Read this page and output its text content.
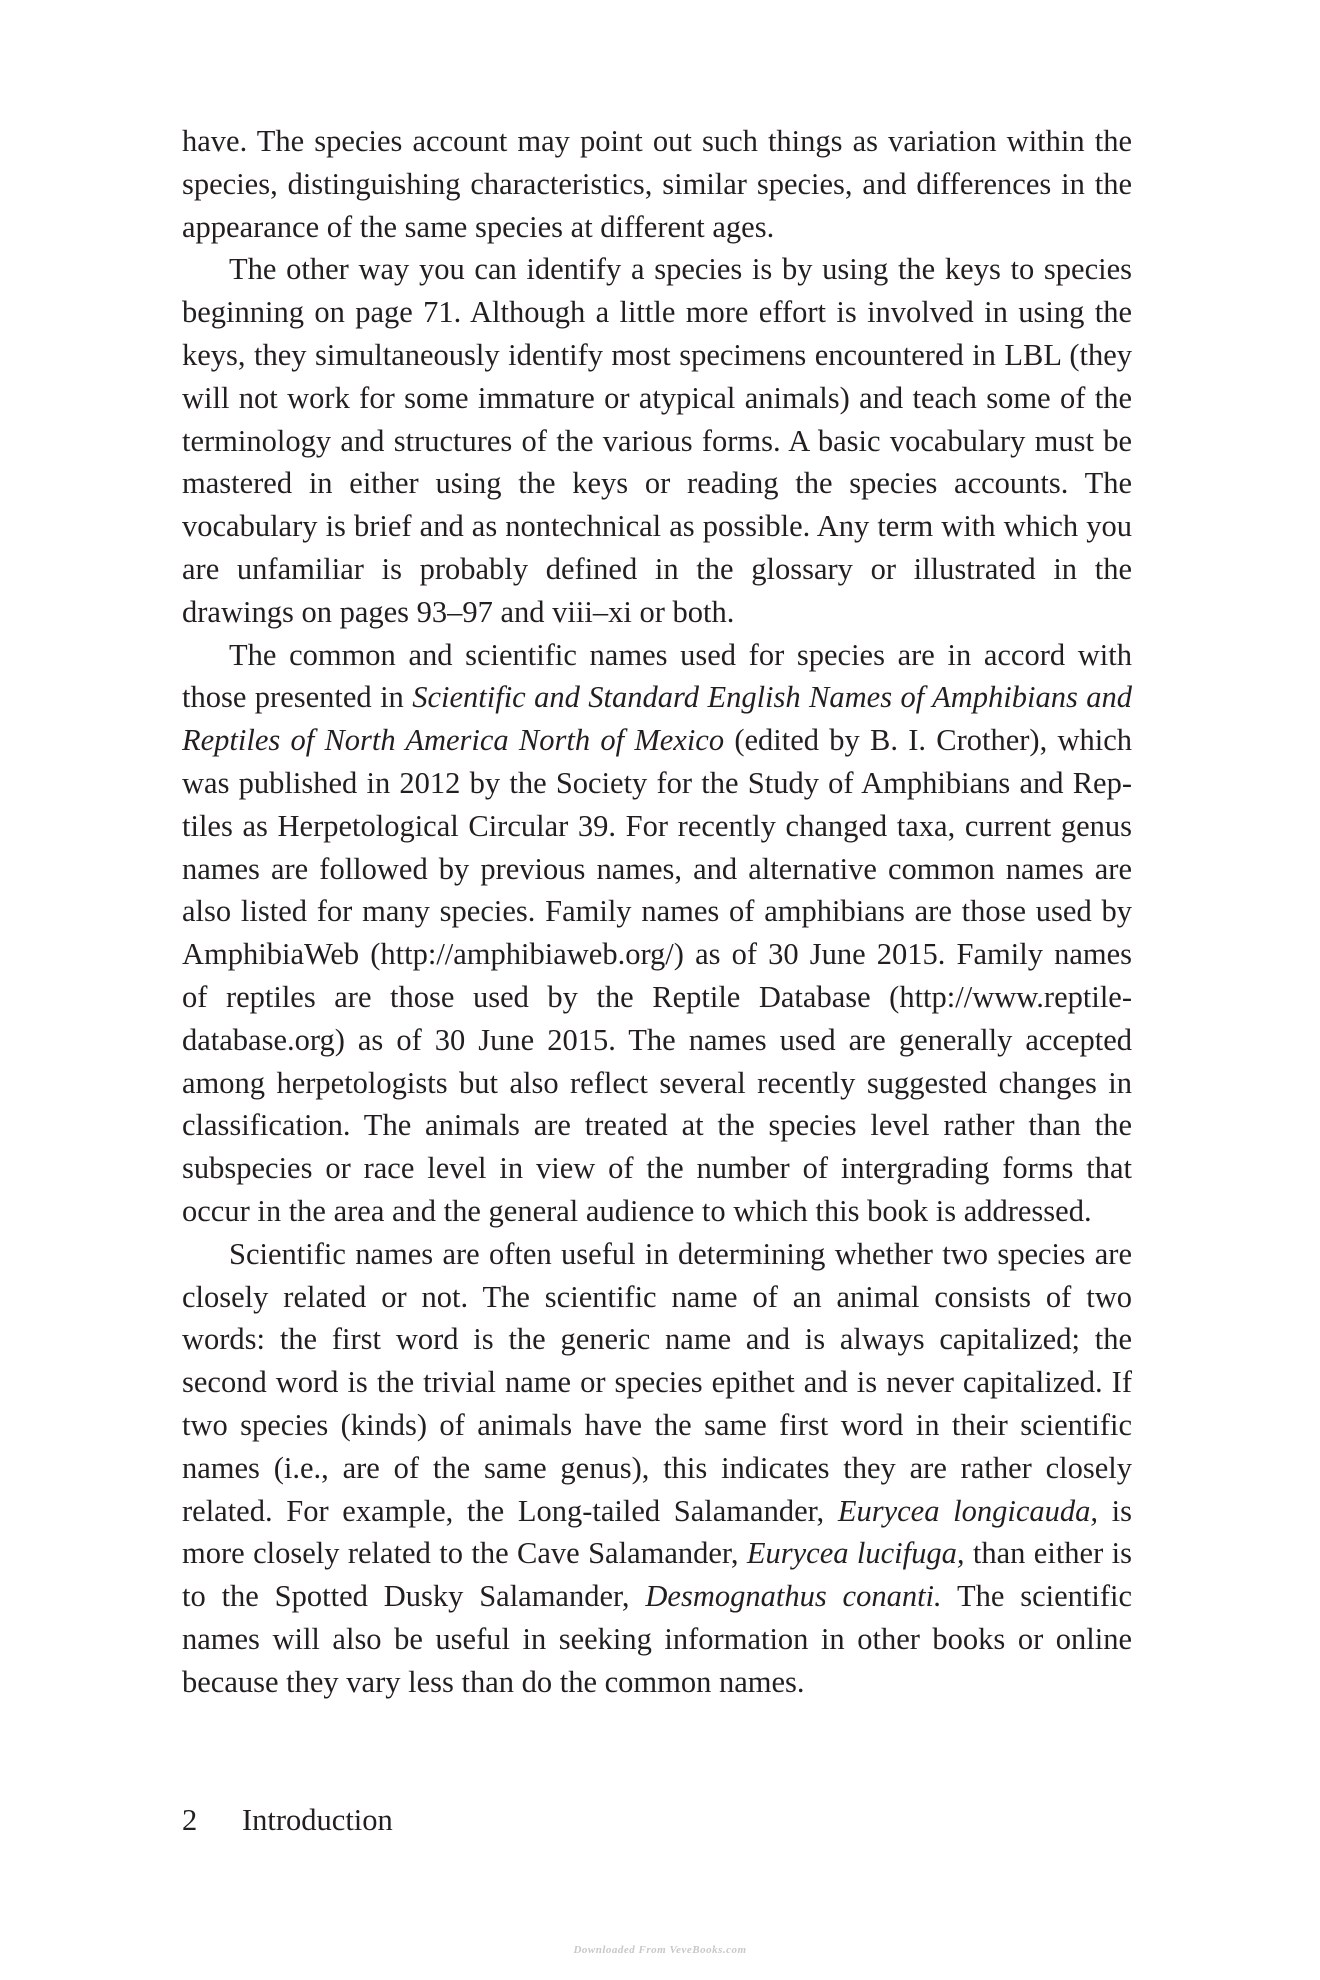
have. The species account may point out such things as variation within the species, distinguishing characteristics, similar species, and differences in the appearance of the same species at different ages.

The other way you can identify a species is by using the keys to species beginning on page 71. Although a little more effort is involved in using the keys, they simultaneously identify most specimens encountered in LBL (they will not work for some immature or atypical animals) and teach some of the terminology and structures of the various forms. A basic vocabulary must be mastered in either using the keys or reading the species accounts. The vocabulary is brief and as nontechnical as possible. Any term with which you are unfamiliar is probably defined in the glossary or illustrated in the drawings on pages 93–97 and viii–xi or both.

The common and scientific names used for species are in accord with those presented in Scientific and Standard English Names of Amphibians and Reptiles of North America North of Mexico (edited by B. I. Crother), which was published in 2012 by the Society for the Study of Amphibians and Reptiles as Herpetological Circular 39. For recently changed taxa, current genus names are followed by previous names, and alternative common names are also listed for many species. Family names of amphibians are those used by AmphibiaWeb (http://amphibiaweb.org/) as of 30 June 2015. Family names of reptiles are those used by the Reptile Database (http://www.reptile-​database.org) as of 30 June 2015. The names used are generally accepted among herpetologists but also reflect several recently suggested changes in classification. The animals are treated at the species level rather than the subspecies or race level in view of the number of intergrading forms that occur in the area and the general audience to which this book is addressed.

Scientific names are often useful in determining whether two species are closely related or not. The scientific name of an animal consists of two words: the first word is the generic name and is always capitalized; the second word is the trivial name or species epithet and is never capitalized. If two species (kinds) of animals have the same first word in their scientific names (i.e., are of the same genus), this indicates they are rather closely related. For example, the Long-tailed Salamander, Eurycea longicauda, is more closely related to the Cave Salamander, Eurycea lucifuga, than either is to the Spotted Dusky Salamander, Desmognathus conanti. The scientific names will also be useful in seeking information in other books or online because they vary less than do the common names.

2 Introduction
Downloaded From VeveBooks.com
